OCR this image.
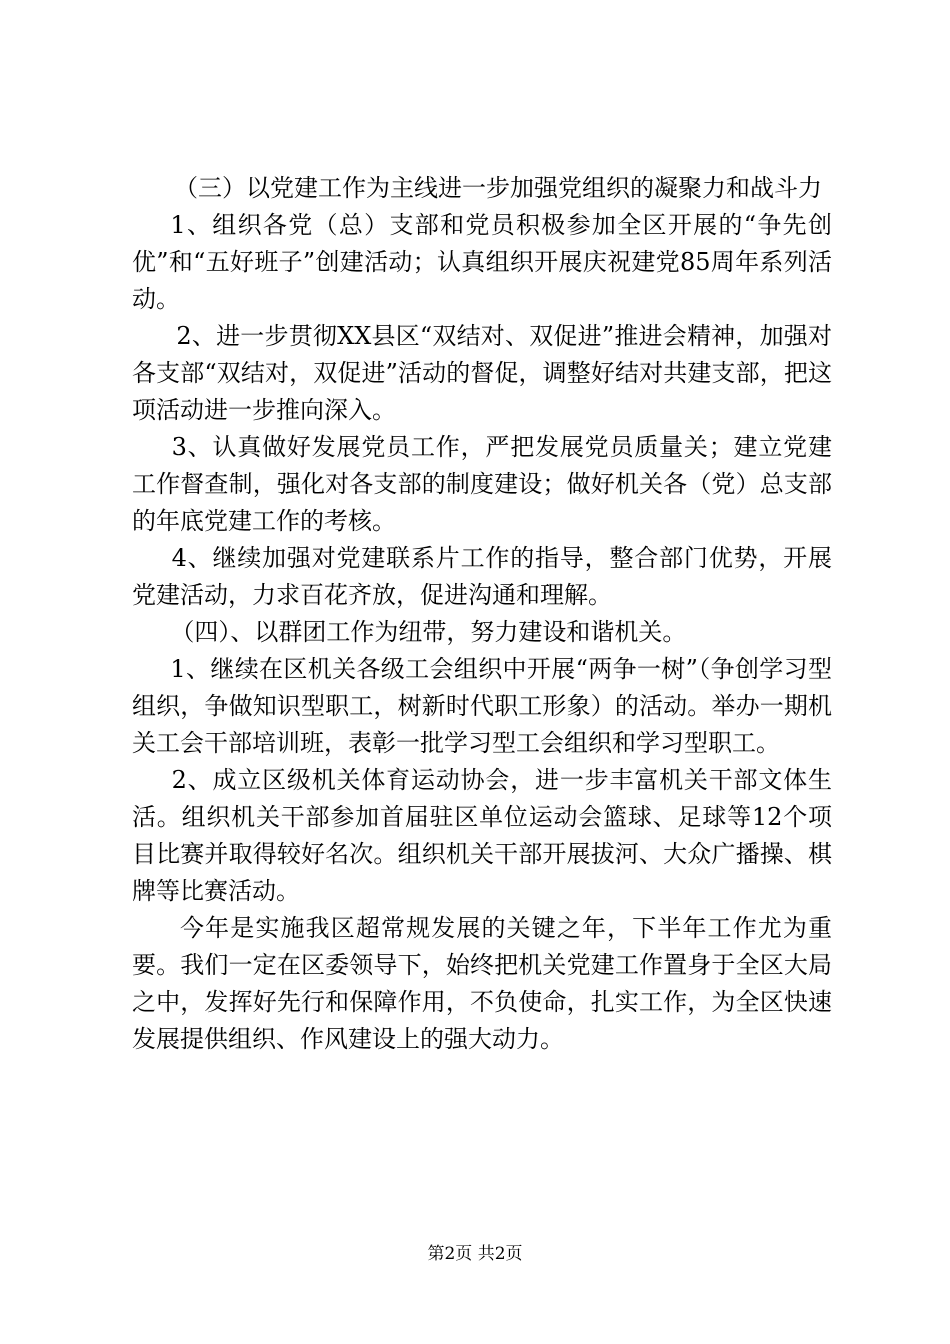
（三）以党建工作为主线进一步加强党组织的凝聚力和战斗力

1、组织各党（总）支部和党员积极参加全区开展的“争先创优”和“五好班子”创建活动；认真组织开展庆祝建党85周年系列活动。

2、进一步贯彻XX县区“双结对、双促进”推进会精神，加强对各支部“双结对，双促进”活动的督促，调整好结对共建支部，把这项活动进一步推向深入。

3、认真做好发展党员工作，严把发展党员质量关；建立党建工作督查制，强化对各支部的制度建设；做好机关各（党）总支部的年底党建工作的考核。

4、继续加强对党建联系片工作的指导，整合部门优势，开展党建活动，力求百花齐放，促进沟通和理解。

（四）、以群团工作为纽带，努力建设和谐机关。

1、继续在区机关各级工会组织中开展“两争一树”（争创学习型组织，争做知识型职工，树新时代职工形象）的活动。举办一期机关工会干部培训班，表彰一批学习型工会组织和学习型职工。

2、成立区级机关体育运动协会，进一步丰富机关干部文体生活。组织机关干部参加首届驻区单位运动会篮球、足球等12个项目比赛并取得较好名次。组织机关干部开展拔河、大众广播操、棋牌等比赛活动。

今年是实施我区超常规发展的关键之年，下半年工作尤为重要。我们一定在区委领导下，始终把机关党建工作置身于全区大局之中，发挥好先行和保障作用，不负使命，扎实工作，为全区快速发展提供组织、作风建设上的强大动力。

第2页 共2页
